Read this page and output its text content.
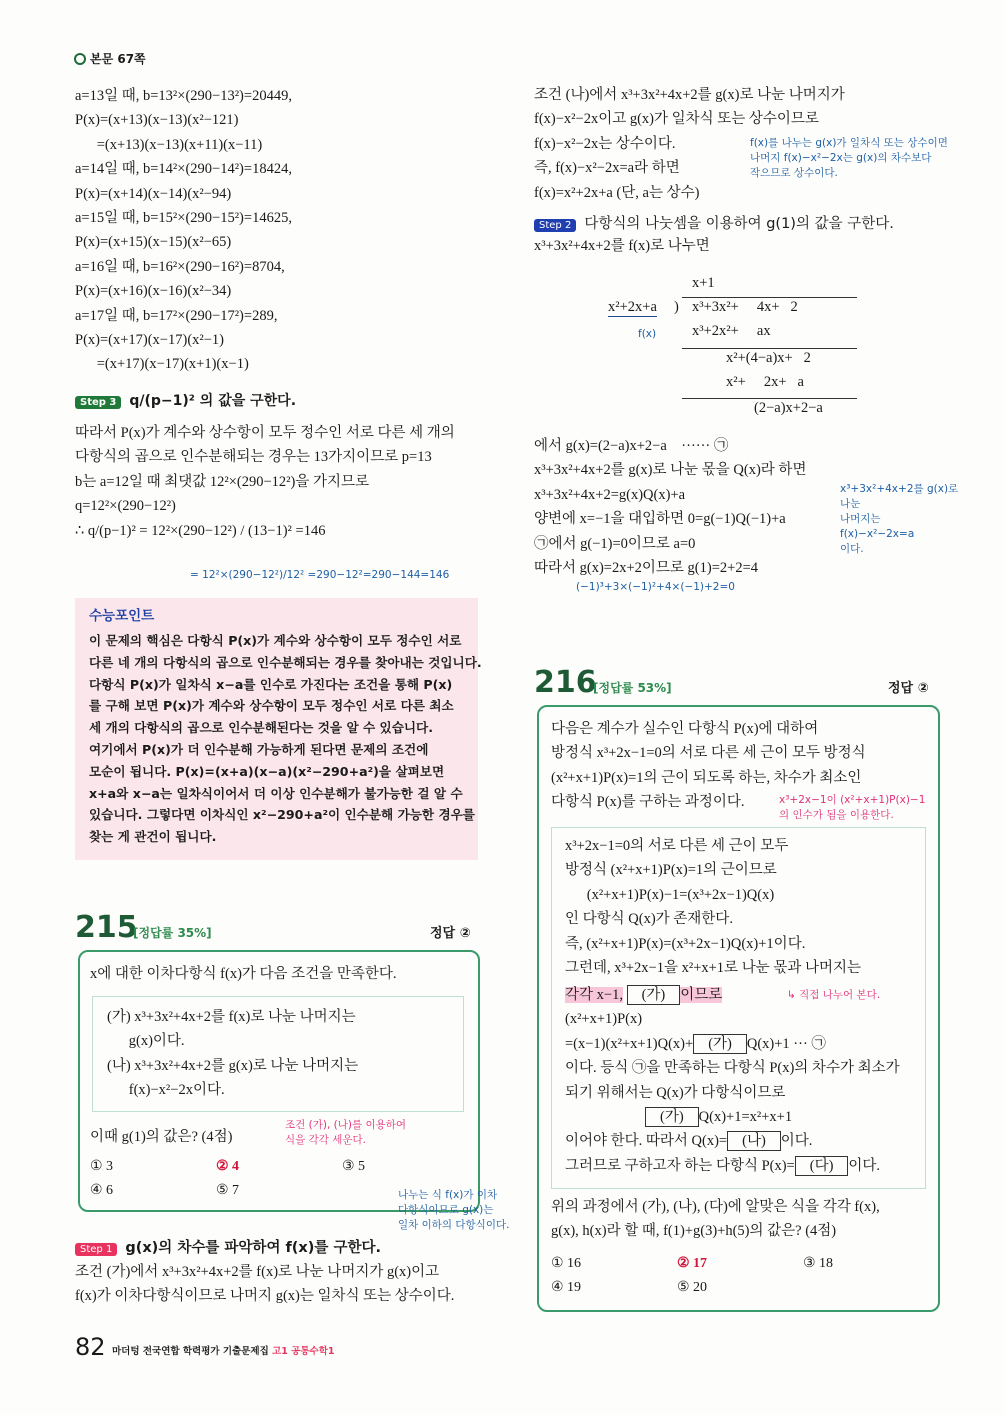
본문 67쪽
a=13일 때, b=13²×(290−13²)=20449,
P(x)=(x+13)(x−13)(x²−121)
=(x+13)(x−13)(x+11)(x−11)
a=14일 때, b=14²×(290−14²)=18424,
P(x)=(x+14)(x−14)(x²−94)
a=15일 때, b=15²×(290−15²)=14625,
P(x)=(x+15)(x−15)(x²−65)
a=16일 때, b=16²×(290−16²)=8704,
P(x)=(x+16)(x−16)(x²−34)
a=17일 때, b=17²×(290−17²)=289,
P(x)=(x+17)(x−17)(x²−1)
=(x+17)(x−17)(x+1)(x−1)
Step 3 q/(p−1)² 의 값을 구한다.
따라서 P(x)가 계수와 상수항이 모두 정수인 서로 다른 세 개의
다항식의 곱으로 인수분해되는 경우는 13가지이므로 p=13
b는 a=12일 때 최댓값 12²×(290−12²)을 가지므로
q=12²×(290−12²)
∴ q/(p−1)² = 12²×(290−12²) / (13−1)² =146
= 12²×(290−12²)/12² =290−12²=290−144=146
수능포인트
이 문제의 핵심은 다항식 P(x)가 계수와 상수항이 모두 정수인 서로
다른 네 개의 다항식의 곱으로 인수분해되는 경우를 찾아내는 것입니다.
다항식 P(x)가 일차식 x−a를 인수로 가진다는 조건을 통해 P(x)
를 구해 보면 P(x)가 계수와 상수항이 모두 정수인 서로 다른 최소
세 개의 다항식의 곱으로 인수분해된다는 것을 알 수 있습니다.
여기에서 P(x)가 더 인수분해 가능하게 된다면 문제의 조건에
모순이 됩니다. P(x)=(x+a)(x−a)(x²−290+a²)을 살펴보면
x+a와 x−a는 일차식이어서 더 이상 인수분해가 불가능한 걸 알 수
있습니다. 그렇다면 이차식인 x²−290+a²이 인수분해 가능한 경우를
찾는 게 관건이 됩니다.
215
[정답률 35%]	정답 ②
x에 대한 이차다항식 f(x)가 다음 조건을 만족한다.
(가) x³+3x²+4x+2를 f(x)로 나눈 나머지는
g(x)이다.
(나) x³+3x²+4x+2를 g(x)로 나눈 나머지는
f(x)−x²−2x이다.
이때 g(1)의 값은? (4점)
조건 (가), (나)를 이용하여
식을 각각 세운다.
① 3	② 4	③ 5
④ 6	⑤ 7
Step 1 g(x)의 차수를 파악하여 f(x)를 구한다.
나누는 식 f(x)가 이차
다항식이므로 g(x)는
일차 이하의 다항식이다.
조건 (가)에서 x³+3x²+4x+2를 f(x)로 나눈 나머지가 g(x)이고
f(x)가 이차다항식이므로 나머지 g(x)는 일차식 또는 상수이다.
82 마더텅 전국연합 학력평가 기출문제집 고1 공통수학1
조건 (나)에서 x³+3x²+4x+2를 g(x)로 나눈 나머지가
f(x)−x²−2x이고 g(x)가 일차식 또는 상수이므로
f(x)−x²−2x는 상수이다.
즉, f(x)−x²−2x=a라 하면
f(x)=x²+2x+a (단, a는 상수)
f(x)를 나누는 g(x)가 일차식 또는 상수이면
나머지 f(x)−x²−2x는 g(x)의 차수보다
작으므로 상수이다.
Step 2 다항식의 나눗셈을 이용하여 g(1)의 값을 구한다.
x³+3x²+4x+2를 f(x)로 나누면

x+1

x²+2x+a

)

x³+3x²+     4x+   2

f(x)

x³+2x²+     ax

x²+(4−a)x+   2

x²+     2x+   a

(2−a)x+2−a

에서 g(x)=(2−a)x+2−a    ······ ㉠
x³+3x²+4x+2를 g(x)로 나눈 몫을 Q(x)라 하면
x³+3x²+4x+2=g(x)Q(x)+a
양변에 x=−1을 대입하면 0=g(−1)Q(−1)+a
㉠에서 g(−1)=0이므로 a=0
따라서 g(x)=2x+2이므로 g(1)=2+2=4
x³+3x²+4x+2를 g(x)로 나눈
나머지는
f(x)−x²−2x=a
이다.
(−1)³+3×(−1)²+4×(−1)+2=0
216
[정답률 53%]	정답 ②
다음은 계수가 실수인 다항식 P(x)에 대하여
방정식 x³+2x−1=0의 서로 다른 세 근이 모두 방정식
(x²+x+1)P(x)=1의 근이 되도록 하는, 차수가 최소인
다항식 P(x)를 구하는 과정이다.	x³+2x−1이 (x²+x+1)P(x)−1
의 인수가 됨을 이용한다.
x³+2x−1=0의 서로 다른 세 근이 모두
방정식 (x²+x+1)P(x)=1의 근이므로
(x²+x+1)P(x)−1=(x³+2x−1)Q(x)
인 다항식 Q(x)가 존재한다.
즉, (x²+x+1)P(x)=(x³+2x−1)Q(x)+1이다.
그런데, x³+2x−1을 x²+x+1로 나눈 몫과 나머지는
각각 x−1, (가) 이므로
(x²+x+1)P(x)
=(x−1)(x²+x+1)Q(x)+ (가) Q(x)+1 ··· ㉠
이다. 등식 ㉠을 만족하는 다항식 P(x)의 차수가 최소가
되기 위해서는 Q(x)가 다항식이므로
(가) Q(x)+1=x²+x+1
이어야 한다. 따라서 Q(x)= (나) 이다.
그러므로 구하고자 하는 다항식 P(x)= (다) 이다.
↳ 직접 나누어 본다.
위의 과정에서 (가), (나), (다)에 알맞은 식을 각각 f(x),
g(x), h(x)라 할 때, f(1)+g(3)+h(5)의 값은? (4점)
① 16	② 17	③ 18
④ 19	⑤ 20
